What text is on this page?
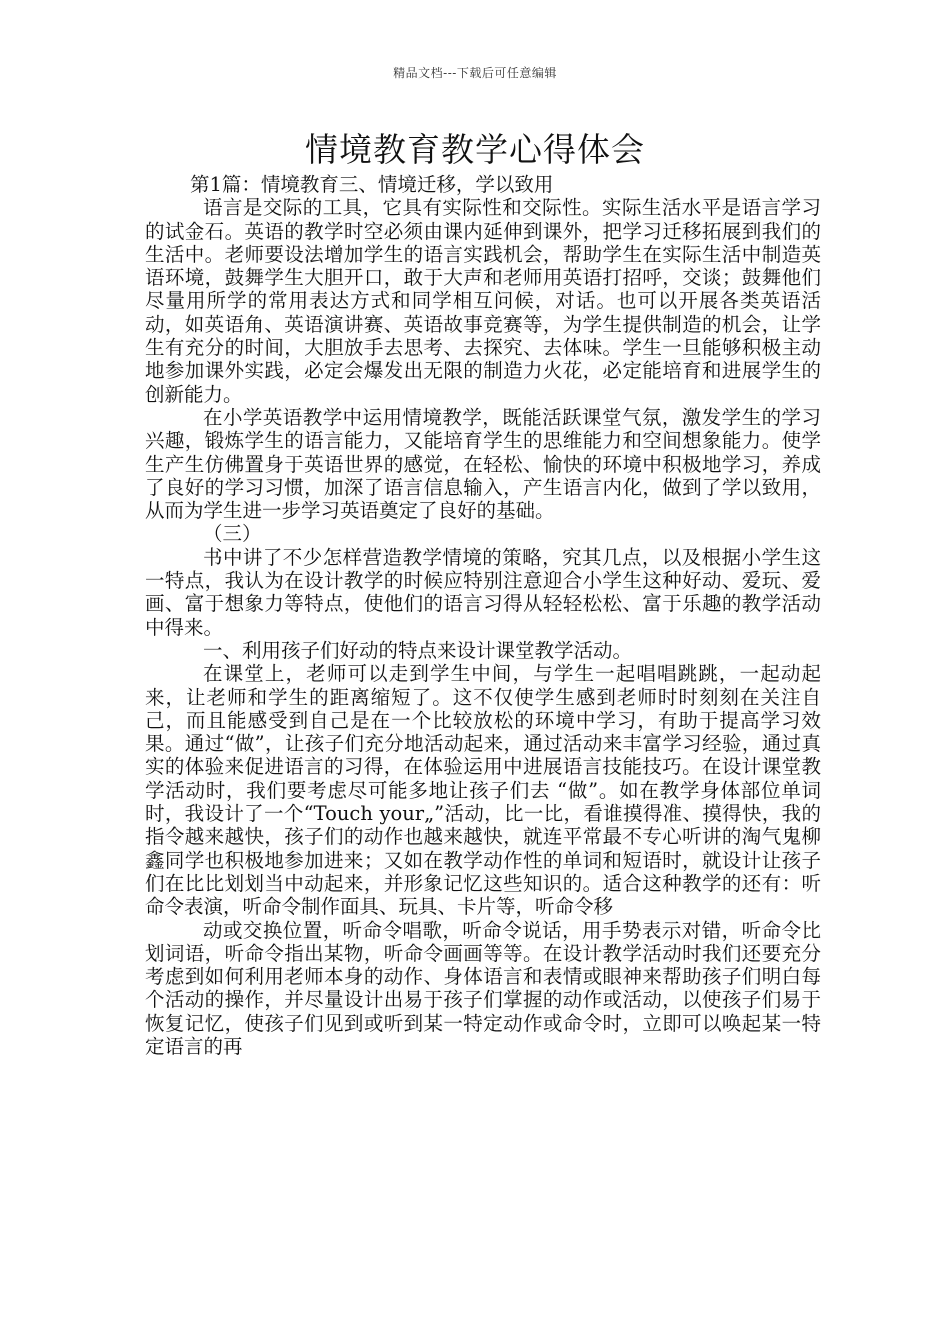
精品文档---下载后可任意编辑
情境教育教学心得体会

第1篇：情境教育三、情境迁移，学以致用

语言是交际的工具，它具有实际性和交际性。实际生活水平是语言学习的试金石。英语的教学时空必须由课内延伸到课外，把学习迁移拓展到我们的生活中。老师要设法增加学生的语言实践机会，帮助学生在实际生活中制造英语环境，鼓舞学生大胆开口，敢于大声和老师用英语打招呼，交谈；鼓舞他们尽量用所学的常用表达方式和同学相互问候，对话。也可以开展各类英语活动，如英语角、英语演讲赛、英语故事竞赛等，为学生提供制造的机会，让学生有充分的时间，大胆放手去思考、去探究、去体味。学生一旦能够积极主动地参加课外实践，必定会爆发出无限的制造力火花，必定能培育和进展学生的创新能力。

在小学英语教学中运用情境教学，既能活跃课堂气氛，激发学生的学习兴趣，锻炼学生的语言能力，又能培育学生的思维能力和空间想象能力。使学生产生仿佛置身于英语世界的感觉，在轻松、愉快的环境中积极地学习，养成了良好的学习习惯，加深了语言信息输入，产生语言内化，做到了学以致用，从而为学生进一步学习英语奠定了良好的基础。

（三）

书中讲了不少怎样营造教学情境的策略，究其几点，以及根据小学生这一特点，我认为在设计教学的时候应特别注意迎合小学生这种好动、爱玩、爱画、富于想象力等特点，使他们的语言习得从轻轻松松、富于乐趣的教学活动中得来。

一、利用孩子们好动的特点来设计课堂教学活动。

在课堂上，老师可以走到学生中间，与学生一起唱唱跳跳，一起动起来，让老师和学生的距离缩短了。这不仅使学生感到老师时时刻刻在关注自己，而且能感受到自己是在一个比较放松的环境中学习，有助于提高学习效果。通过“做”，让孩子们充分地活动起来，通过活动来丰富学习经验，通过真实的体验来促进语言的习得，在体验运用中进展语言技能技巧。在设计课堂教学活动时，我们要考虑尽可能多地让孩子们去 “做”。如在教学身体部位单词时，我设计了一个“Touch your„”活动，比一比，看谁摸得准、摸得快，我的指令越来越快，孩子们的动作也越来越快，就连平常最不专心听讲的淘气鬼柳鑫同学也积极地参加进来；又如在教学动作性的单词和短语时，就设计让孩子们在比比划划当中动起来，并形象记忆这些知识的。适合这种教学的还有：听命令表演，听命令制作面具、玩具、卡片等，听命令移

动或交换位置，听命令唱歌，听命令说话，用手势表示对错，听命令比划词语，听命令指出某物，听命令画画等等。在设计教学活动时我们还要充分考虑到如何利用老师本身的动作、身体语言和表情或眼神来帮助孩子们明白每个活动的操作，并尽量设计出易于孩子们掌握的动作或活动，以使孩子们易于恢复记忆，使孩子们见到或听到某一特定动作或命令时，立即可以唤起某一特定语言的再
